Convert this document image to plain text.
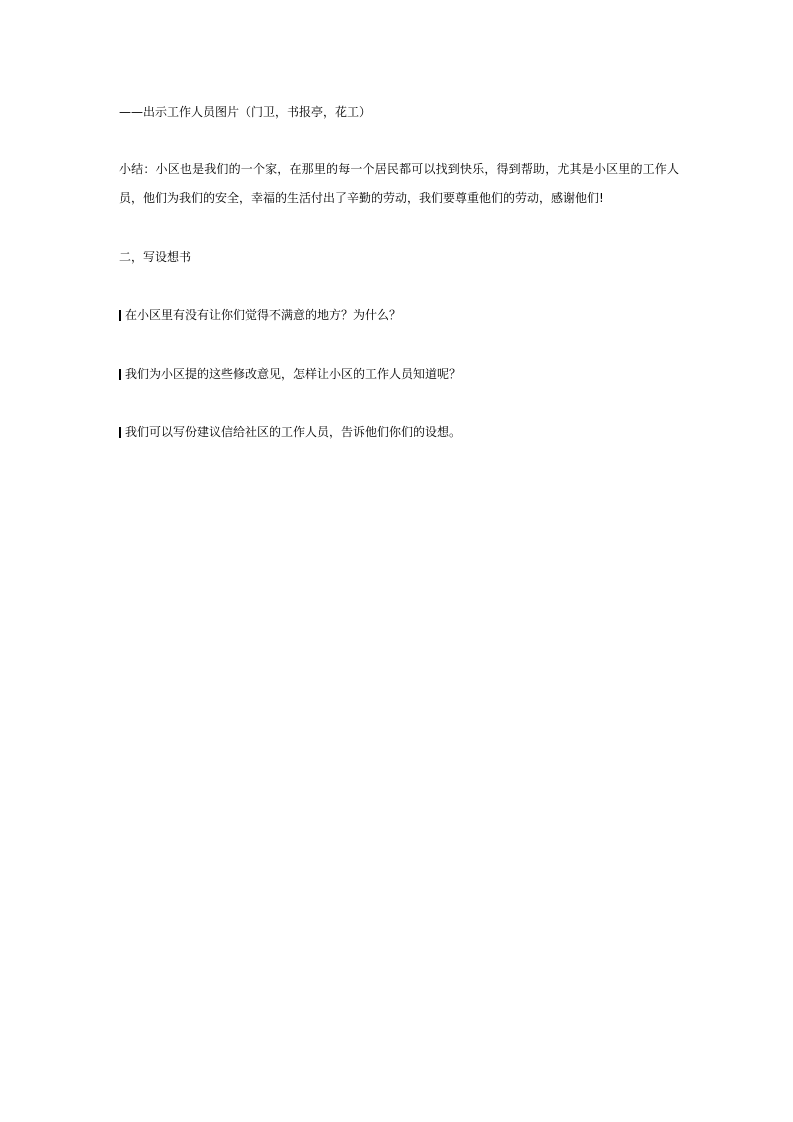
——出示工作人员图片（门卫，书报亭，花工）
小结：小区也是我们的一个家，在那里的每一个居民都可以找到快乐，得到帮助，尤其是小区里的工作人员，他们为我们的安全，幸福的生活付出了辛勤的劳动，我们要尊重他们的劳动，感谢他们!
二，写设想书
在小区里有没有让你们觉得不满意的地方？为什么？
我们为小区提的这些修改意见，怎样让小区的工作人员知道呢？
我们可以写份建议信给社区的工作人员，告诉他们你们的设想。
